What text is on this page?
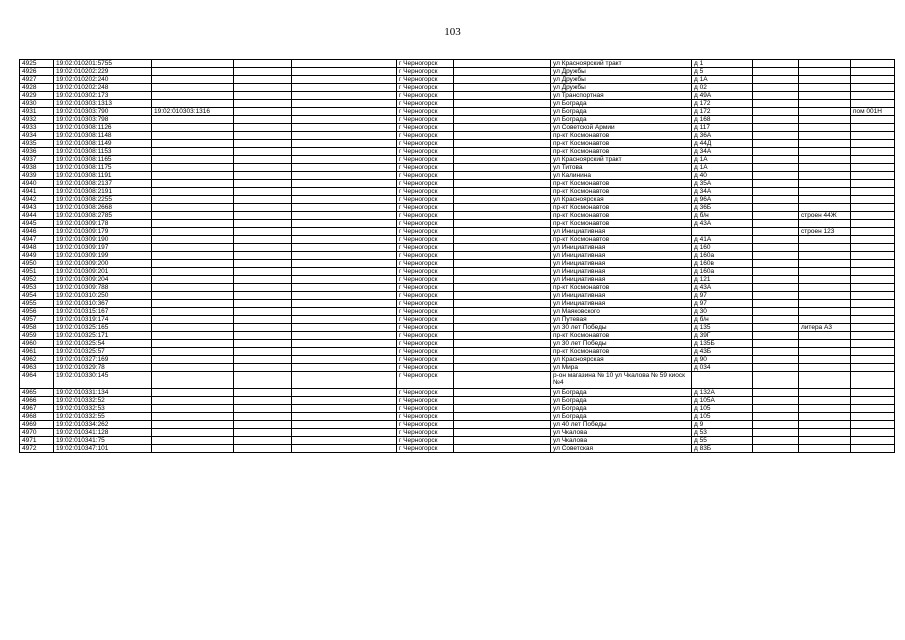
103
4925	19:02:010201:5755				г Черногорск		ул Красноярский тракт	д 1			
4926	19:02:010202:229				г Черногорск		ул Дружбы	д 5			
4927	19:02:010202:240				г Черногорск		ул Дружбы	д 1А			
4928	19:02:010202:248				г Черногорск		ул Дружбы	д 02			
4929	19:02:010302:173				г Черногорск		ул Транспортная	д 49А			
4930	19:02:010303:1313				г Черногорск		ул Бограда	д 172			
4931	19:02:010303:790	19:02:010303:1316			г Черногорск		ул Бограда	д 172			пом 001Н
4932	19:02:010303:798				г Черногорск		ул Бограда	д 168			
4933	19:02:010308:1126				г Черногорск		ул Советской Армии	д 117			
4934	19:02:010308:1148				г Черногорск		пр-кт Космонавтов	д 36А			
4935	19:02:010308:1149				г Черногорск		пр-кт Космонавтов	д 44Д			
4936	19:02:010308:1153				г Черногорск		пр-кт Космонавтов	д 34А			
4937	19:02:010308:1165				г Черногорск		ул Красноярский тракт	д 1А			
4938	19:02:010308:1175				г Черногорск		ул Титова	д 1А			
4939	19:02:010308:1191				г Черногорск		ул Калинина	д 40			
4940	19:02:010308:2137				г Черногорск		пр-кт Космонавтов	д 35А			
4941	19:02:010308:2191				г Черногорск		пр-кт Космонавтов	д 34А			
4942	19:02:010308:2255				г Черногорск		ул Красноярская	д 96А			
4943	19:02:010308:2668				г Черногорск		пр-кт Космонавтов	д 36Б			
4944	19:02:010308:2785				г Черногорск		пр-кт Космонавтов	д б/н		строен 44Ж	
4945	19:02:010309:178				г Черногорск		пр-кт Космонавтов	д 43А			
4946	19:02:010309:179				г Черногорск		ул Инициативная			строен 123	
4947	19:02:010309:190				г Черногорск		пр-кт Космонавтов	д 41А			
4948	19:02:010309:197				г Черногорск		ул Инициативная	д 160			
4949	19:02:010309:199				г Черногорск		ул Инициативная	д 160а			
4950	19:02:010309:200				г Черногорск		ул Инициативная	д 160в			
4951	19:02:010309:201				г Черногорск		ул Инициативная	д 160а			
4952	19:02:010309:204				г Черногорск		ул Инициативная	д 121			
4953	19:02:010309:788				г Черногорск		пр-кт Космонавтов	д 43А			
4954	19:02:010310:250				г Черногорск		ул Инициативная	д 97			
4955	19:02:010310:367				г Черногорск		ул Инициативная	д 97			
4956	19:02:010315:167				г Черногорск		ул Маяковского	д 30			
4957	19:02:010319:174				г Черногорск		ул Путевая	д б/н			
4958	19:02:010325:165				г Черногорск		ул 30 лет Победы	д 135		литера А3	
4959	19:02:010325:171				г Черногорск		пр-кт Космонавтов	д 39Г			
4960	19:02:010325:54				г Черногорск		ул 30 лет Победы	д 135Б			
4961	19:02:010325:57				г Черногорск		пр-кт Космонавтов	д 43Б			
4962	19:02:010327:169				г Черногорск		ул Красноярская	д 90			
4963	19:02:010329:78				г Черногорск		ул Мира	д 034			
4964	19:02:010330:145				г Черногорск		р-он магазина № 10 ул Чкалова № 59 киоск №4				
4965	19:02:010331:134				г Черногорск		ул Бограда	д 132А			
4966	19:02:010332:52				г Черногорск		ул Бограда	д 105А			
4967	19:02:010332:53				г Черногорск		ул Бограда	д 105			
4968	19:02:010332:55				г Черногорск		ул Бограда	д 105			
4969	19:02:010334:262				г Черногорск		ул 40 лет Победы	д 9			
4970	19:02:010341:128				г Черногорск		ул Чкалова	д 53			
4971	19:02:010341:75				г Черногорск		ул Чкалова	д 55			
4972	19:02:010347:101				г Черногорск		ул Советская	д 83Б			
